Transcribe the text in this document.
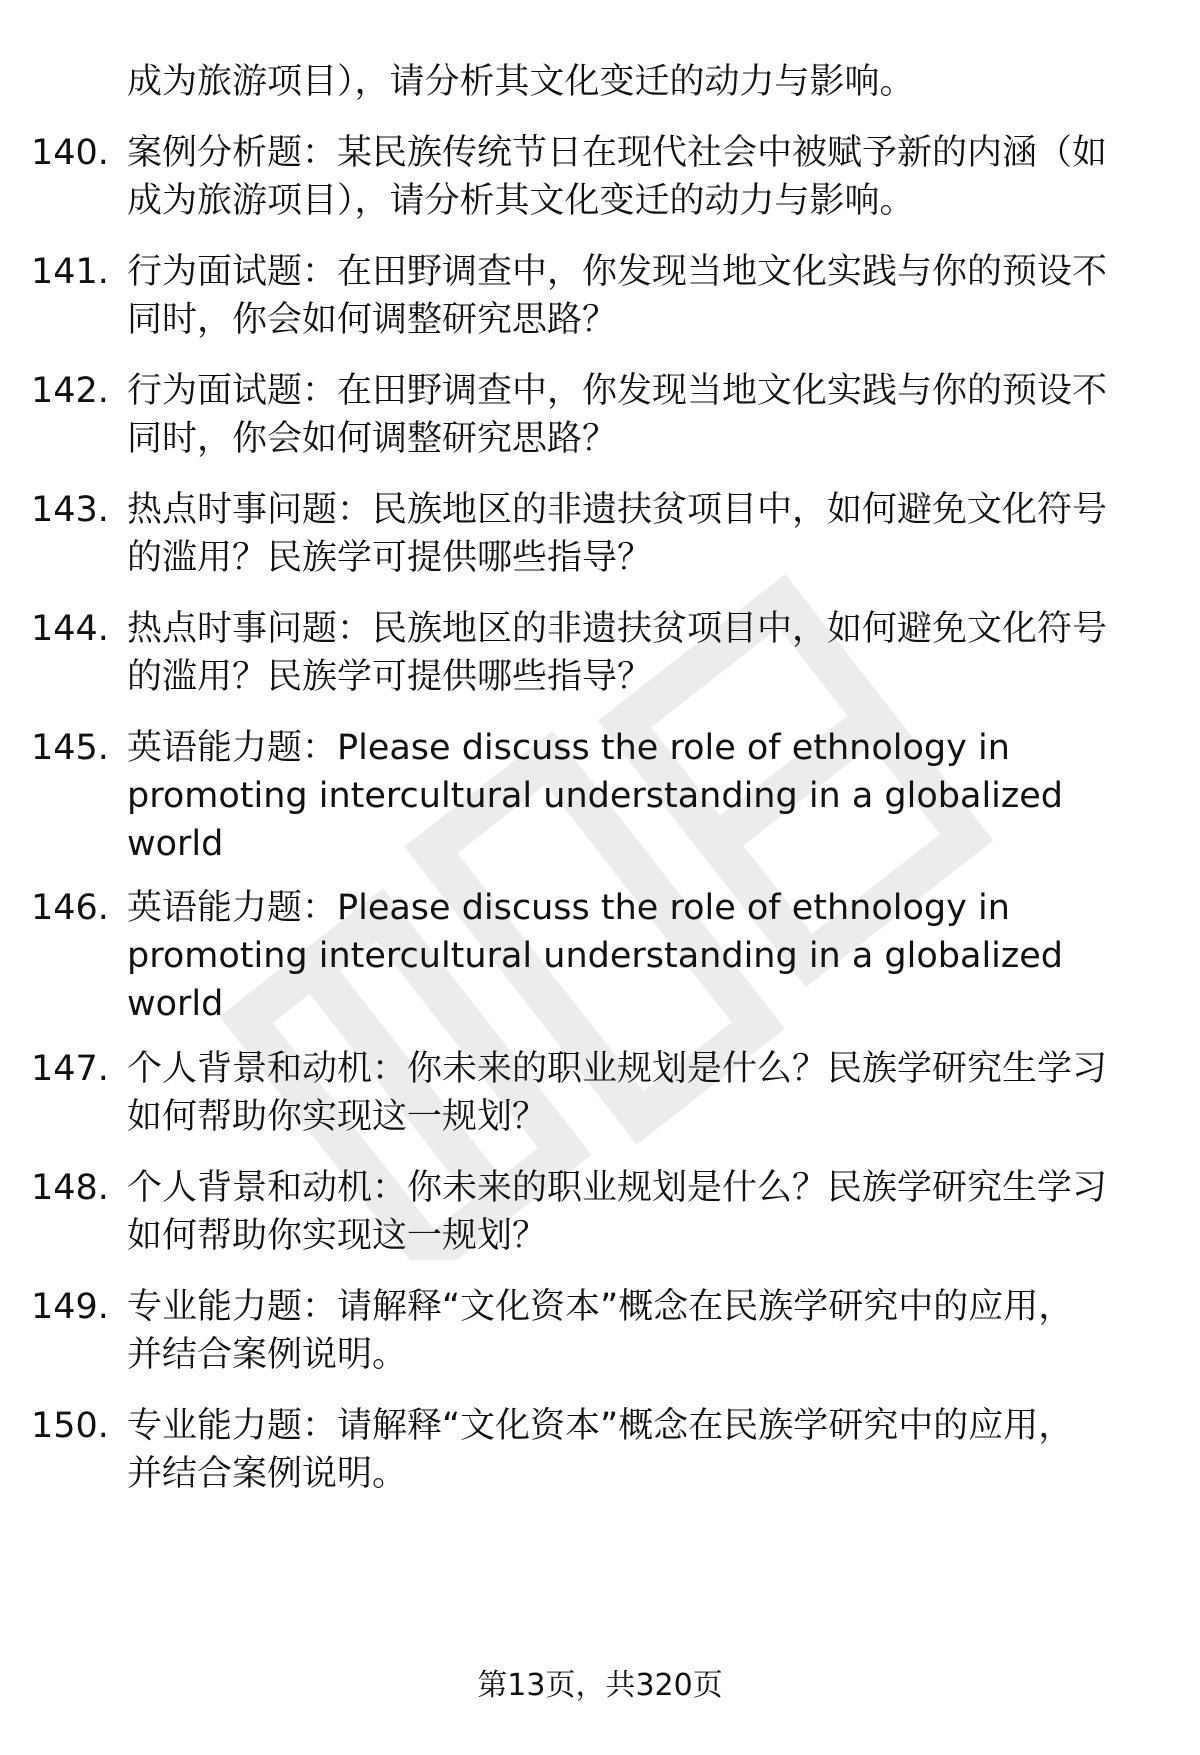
成为旅游项目），请分析其文化变迁的动力与影响。
140. 案例分析题：某民族传统节日在现代社会中被赋予新的内涵（如
成为旅游项目），请分析其文化变迁的动力与影响。
141. 行为面试题：在田野调查中，你发现当地文化实践与你的预设不
同时，你会如何调整研究思路？
142. 行为面试题：在田野调查中，你发现当地文化实践与你的预设不
同时，你会如何调整研究思路？
143. 热点时事问题：民族地区的非遗扶贫项目中，如何避免文化符号
的滥用？民族学可提供哪些指导？
144. 热点时事问题：民族地区的非遗扶贫项目中，如何避免文化符号
的滥用？民族学可提供哪些指导？
145. 英语能力题：Please discuss the role of ethnology in
promoting intercultural understanding in a globalized
world
146. 英语能力题：Please discuss the role of ethnology in
promoting intercultural understanding in a globalized
world
147. 个人背景和动机：你未来的职业规划是什么？民族学研究生学习
如何帮助你实现这一规划？
148. 个人背景和动机：你未来的职业规划是什么？民族学研究生学习
如何帮助你实现这一规划？
149. 专业能力题：请解释“文化资本”概念在民族学研究中的应用，
并结合案例说明。
150. 专业能力题：请解释“文化资本”概念在民族学研究中的应用，
并结合案例说明。
第13页，共320页
